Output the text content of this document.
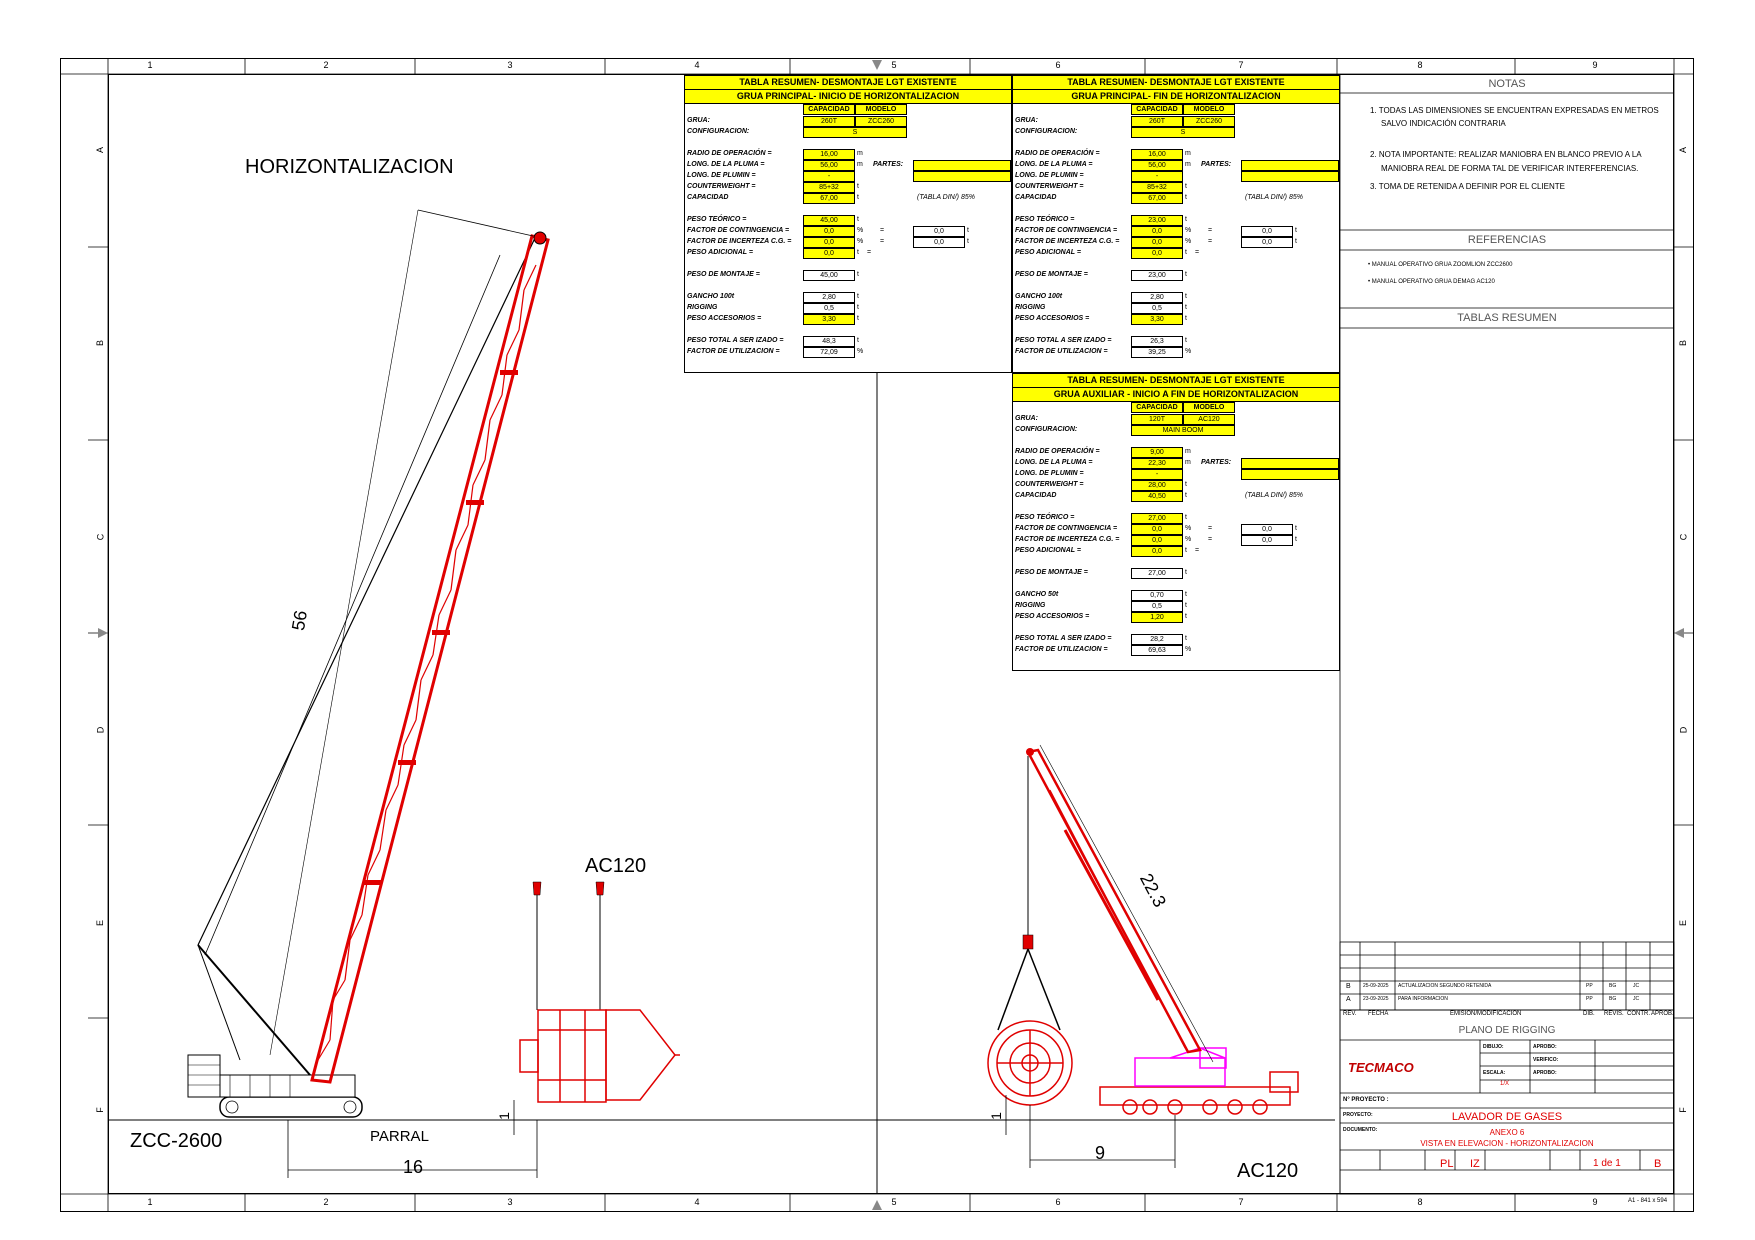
1	2	3	4	5	6	7	8	9
1	2	3	4	5	6	7	8	9
A
B
C
D
E
F
A
B
C
D
E
F
HORIZONTALIZACION
56
16
1
AC120
ZCC-2600	PARRAL
22.3
9
1
AC120
TABLA RESUMEN- DESMONTAJE LGT EXISTENTE
GRUA PRINCIPAL- INICIO DE HORIZONTALIZACION
CAPACIDAD	MODELO
GRUA:	260T	ZCC260
CONFIGURACION:	S
RADIO DE OPERACIÓN =	16,00	m
LONG. DE LA PLUMA =	56,00	m PARTES:
LONG. DE PLUMIN =	-
COUNTERWEIGHT =	85+32	t
CAPACIDAD	67,00	t	(TABLA DIN/) 85%
PESO TEÓRICO =	45,00	t
FACTOR DE CONTINGENCIA =	0,0	% =	0,0	t
FACTOR DE INCERTEZA C.G. =	0,0	% =	0,0	t
PESO ADICIONAL =	0,0	t =
PESO DE MONTAJE =	45,00	t
GANCHO 100t	2,80	t
RIGGING	0,5	t
PESO ACCESORIOS =	3,30	t
PESO TOTAL A SER IZADO =	48,3	t
FACTOR DE UTILIZACION =	72,09	%
TABLA RESUMEN- DESMONTAJE LGT EXISTENTE
GRUA PRINCIPAL- FIN DE HORIZONTALIZACION
CAPACIDAD	MODELO
GRUA:	260T	ZCC260
CONFIGURACION:	S
RADIO DE OPERACIÓN =	16,00	m
LONG. DE LA PLUMA =	56,00	m PARTES:
LONG. DE PLUMIN =	-
COUNTERWEIGHT =	85+32	t
CAPACIDAD	67,00	t	(TABLA DIN/) 85%
PESO TEÓRICO =	23,00	t
FACTOR DE CONTINGENCIA =	0,0	% =	0,0	t
FACTOR DE INCERTEZA C.G. =	0,0	% =	0,0	t
PESO ADICIONAL =	0,0	t =
PESO DE MONTAJE =	23,00	t
GANCHO 100t	2,80	t
RIGGING	0,5	t
PESO ACCESORIOS =	3,30	t
PESO TOTAL A SER IZADO =	26,3	t
FACTOR DE UTILIZACION =	39,25	%
TABLA RESUMEN- DESMONTAJE LGT EXISTENTE
GRUA AUXILIAR - INICIO A FIN DE HORIZONTALIZACION
CAPACIDAD	MODELO
GRUA:	120T	AC120
CONFIGURACION:	MAIN BOOM
RADIO DE OPERACIÓN =	9,00	m
LONG. DE LA PLUMA =	22,30	m PARTES:
LONG. DE PLUMIN =	-
COUNTERWEIGHT =	28,00	t
CAPACIDAD	40,50	t	(TABLA DIN/) 85%
PESO TEÓRICO =	27,00	t
FACTOR DE CONTINGENCIA =	0,0	% =	0,0	t
FACTOR DE INCERTEZA C.G. =	0,0	% =	0,0	t
PESO ADICIONAL =	0,0	t =
PESO DE MONTAJE =	27,00	t
GANCHO 50t	0,70	t
RIGGING	0,5	t
PESO ACCESORIOS =	1,20	t
PESO TOTAL A SER IZADO =	28,2	t
FACTOR DE UTILIZACION =	69,63	%
NOTAS
1. TODAS LAS DIMENSIONES SE ENCUENTRAN EXPRESADAS EN METROS
SALVO INDICACIÓN CONTRARIA
2. NOTA IMPORTANTE: REALIZAR MANIOBRA EN BLANCO PREVIO A LA
MANIOBRA REAL DE FORMA TAL DE VERIFICAR INTERFERENCIAS.
3. TOMA DE RETENIDA A DEFINIR POR EL CLIENTE
REFERENCIAS
• MANUAL OPERATIVO GRUA ZOOMLION ZCC2600
• MANUAL OPERATIVO GRUA DEMAG AC120
TABLAS RESUMEN
B 25-09-2025 ACTUALIZACION SEGUNDO RETENIDA	PP	BG	JC
A 23-09-2025 PARA INFORMACION	PP	BG	JC
REV. FECHA	EMISION/MODIFICACION	DIB. REVIS. CONTR. APROB.
PLANO DE RIGGING
TECMACO
DIBUJO:	APROBO:
VERIFICO:
APROBO:
ESCALA:
1/X
N° PROYECTO :
PROYECTO:	LAVADOR DE GASES
DOCUMENTO:	ANEXO 6
VISTA EN ELEVACION - HORIZONTALIZACION
PL IZ	1 de 1	B
A1 - 841 x 594
